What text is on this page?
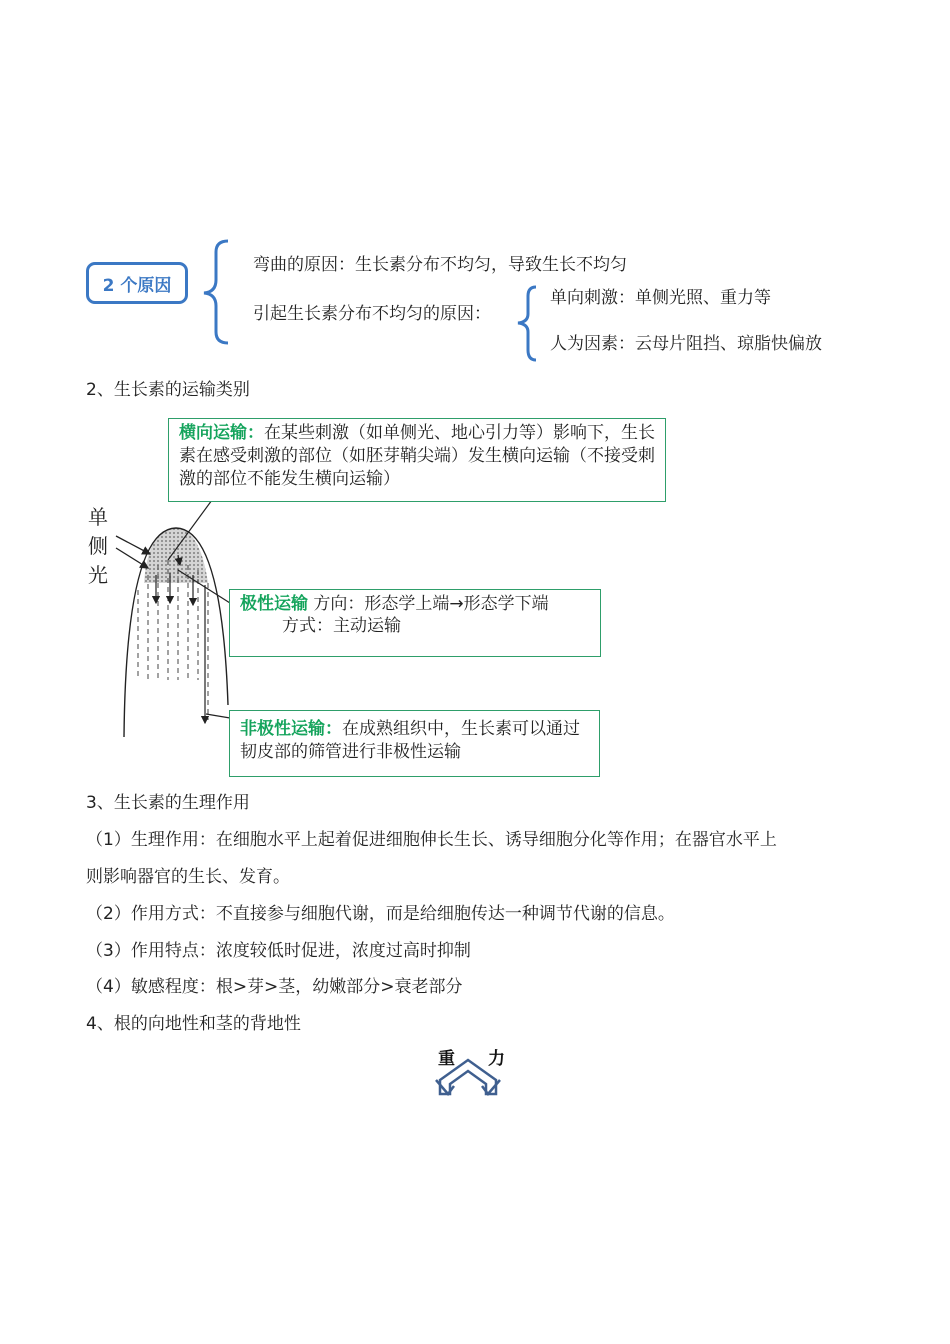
2 个原因
弯曲的原因：生长素分布不均匀，导致生长不均匀
引起生长素分布不均匀的原因：
单向刺激：单侧光照、重力等
人为因素：云母片阻挡、琼脂快偏放
2、生长素的运输类别
单
侧
光
横向运输：在某些刺激（如单侧光、地心引力等）影响下，生长素在感受刺激的部位（如胚芽鞘尖端）发生横向运输（不接受刺激的部位不能发生横向运输）
极性运输 方向：形态学上端→形态学下端
方式：主动运输
非极性运输：在成熟组织中，生长素可以通过韧皮部的筛管进行非极性运输
3、生长素的生理作用
（1）生理作用：在细胞水平上起着促进细胞伸长生长、诱导细胞分化等作用；在器官水平上
则影响器官的生长、发育。
（2）作用方式：不直接参与细胞代谢，而是给细胞传达一种调节代谢的信息。
（3）作用特点：浓度较低时促进，浓度过高时抑制
（4）敏感程度：根>芽>茎，幼嫩部分>衰老部分
4、根的向地性和茎的背地性
重 力
